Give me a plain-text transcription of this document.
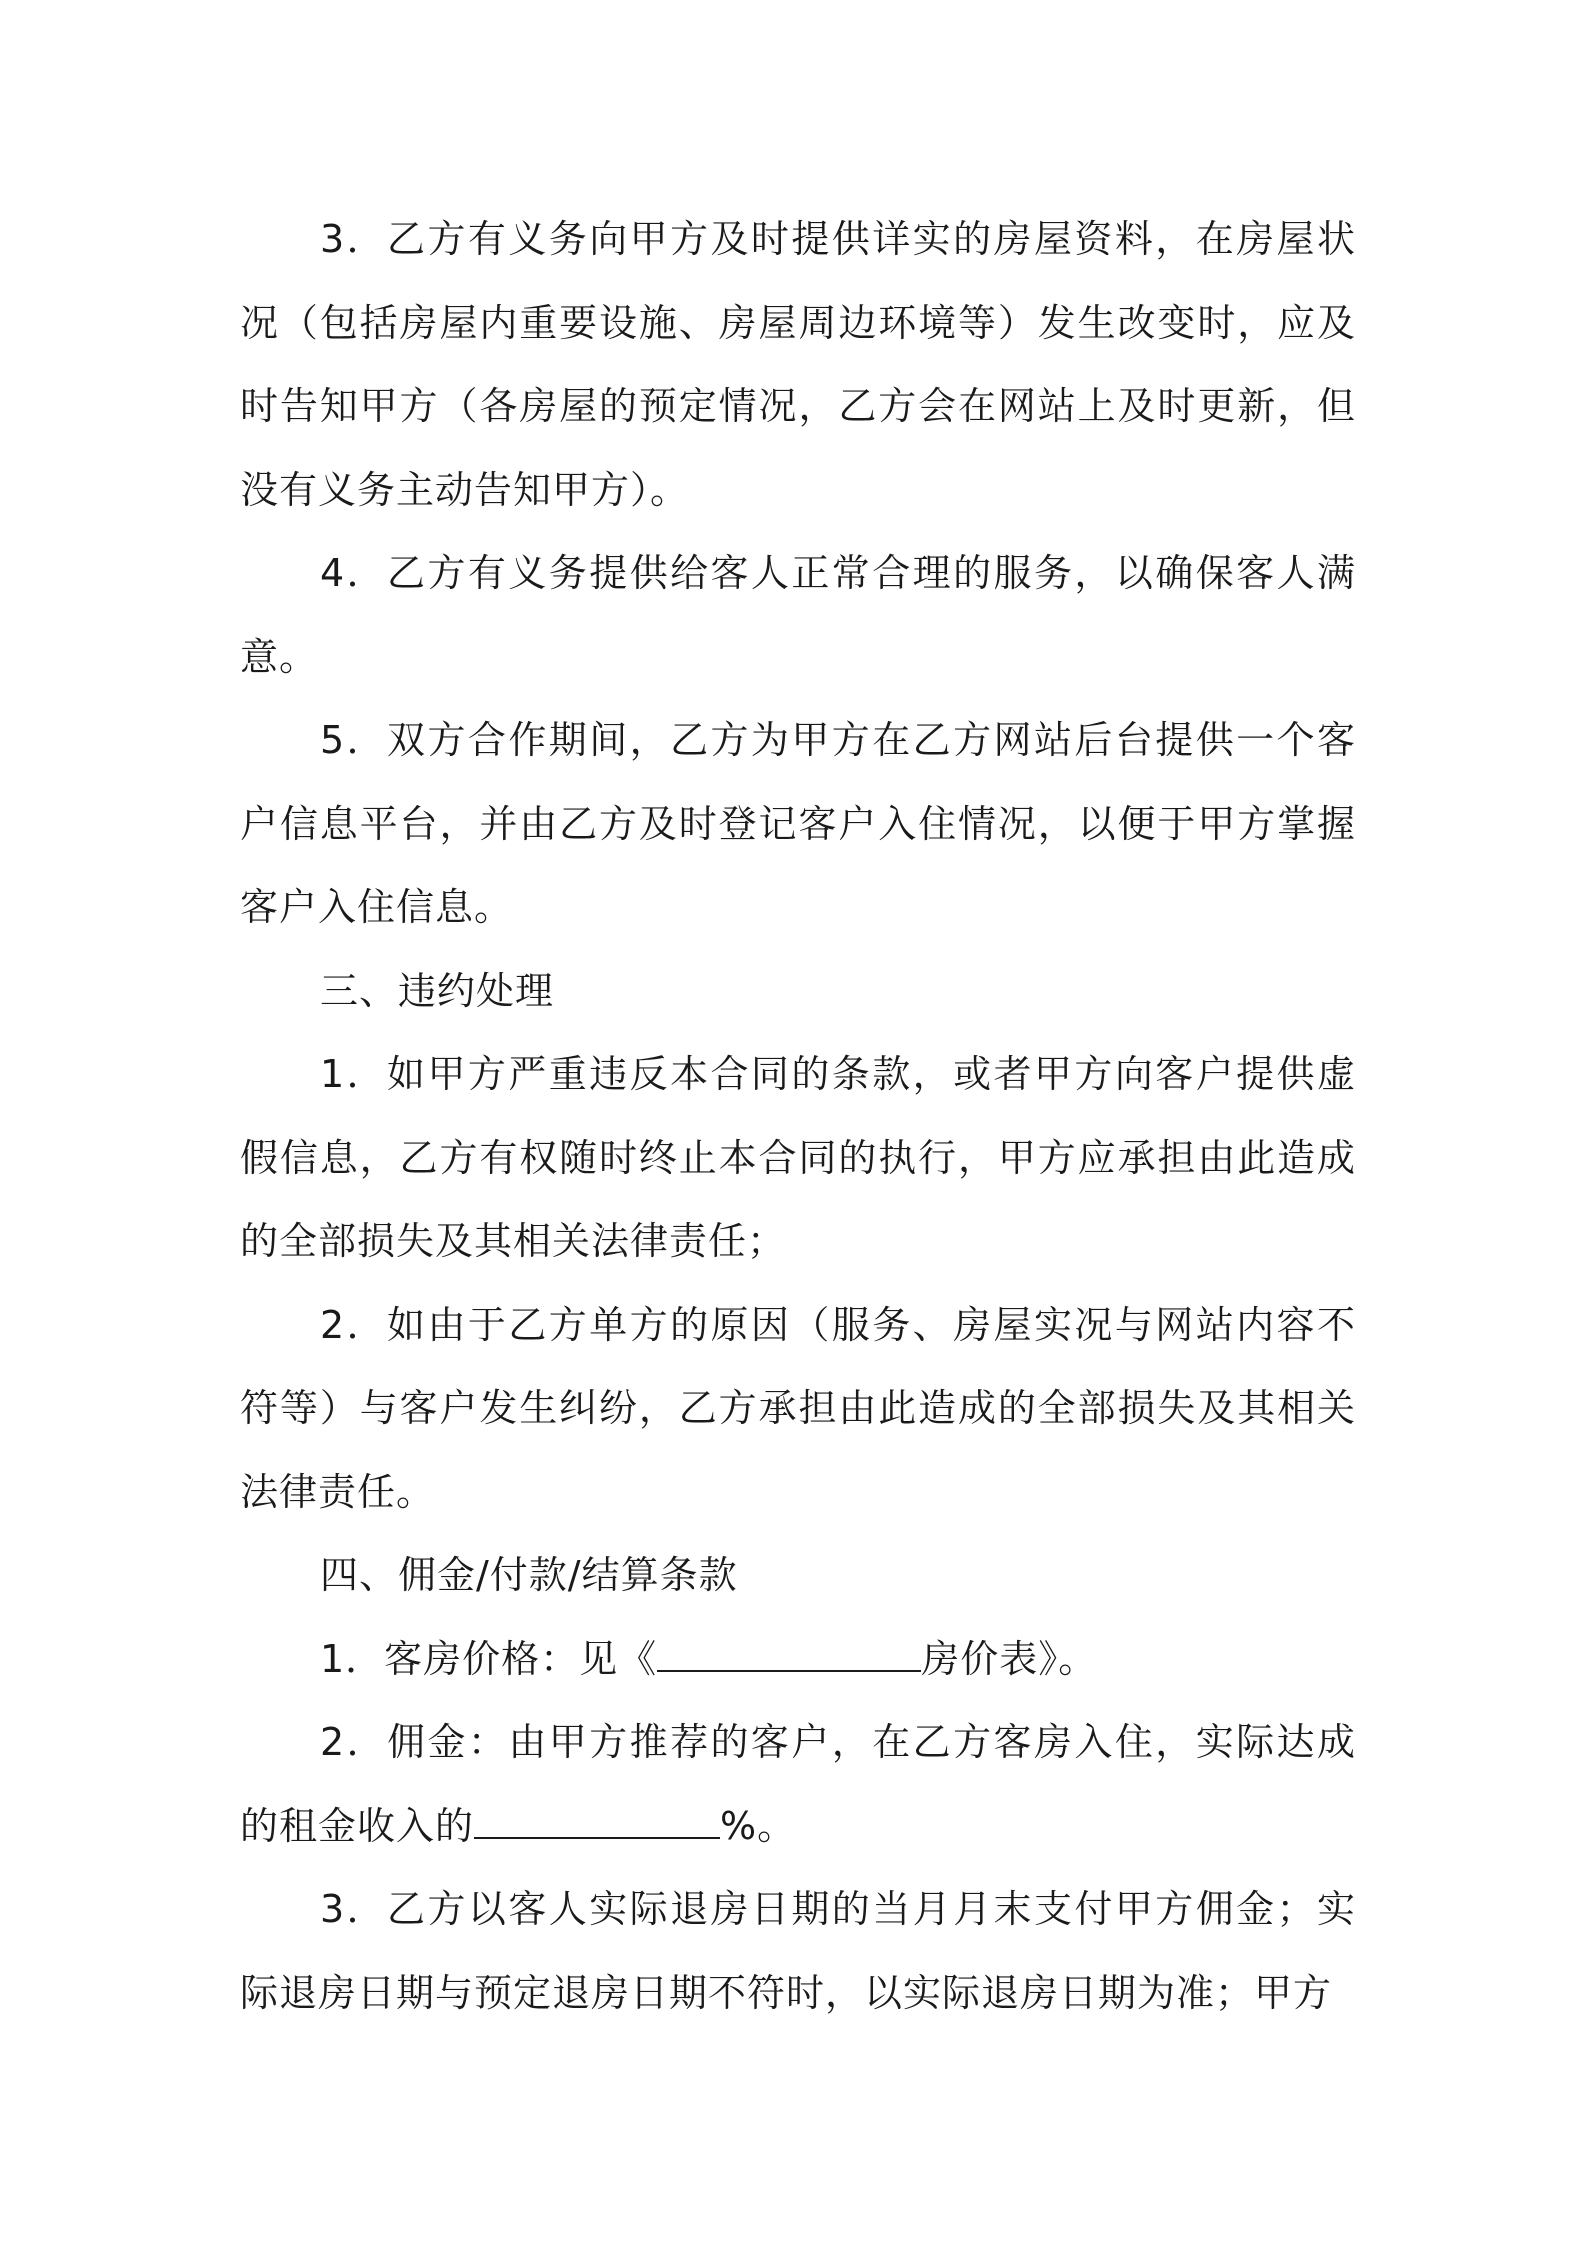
3．乙方有义务向甲方及时提供详实的房屋资料，在房屋状况（包括房屋内重要设施、房屋周边环境等）发生改变时，应及时告知甲方（各房屋的预定情况，乙方会在网站上及时更新，但没有义务主动告知甲方）。

4．乙方有义务提供给客人正常合理的服务，以确保客人满意。

5．双方合作期间，乙方为甲方在乙方网站后台提供一个客户信息平台，并由乙方及时登记客户入住情况，以便于甲方掌握客户入住信息。

三、违约处理

1．如甲方严重违反本合同的条款，或者甲方向客户提供虚假信息，乙方有权随时终止本合同的执行，甲方应承担由此造成的全部损失及其相关法律责任；

2．如由于乙方单方的原因（服务、房屋实况与网站内容不符等）与客户发生纠纷，乙方承担由此造成的全部损失及其相关法律责任。

四、佣金/付款/结算条款

1．客房价格：见《	房价表》。

2．佣金：由甲方推荐的客户，在乙方客房入住，实际达成的租金收入的	%。

3．乙方以客人实际退房日期的当月月末支付甲方佣金；实际退房日期与预定退房日期不符时，以实际退房日期为准；甲方
